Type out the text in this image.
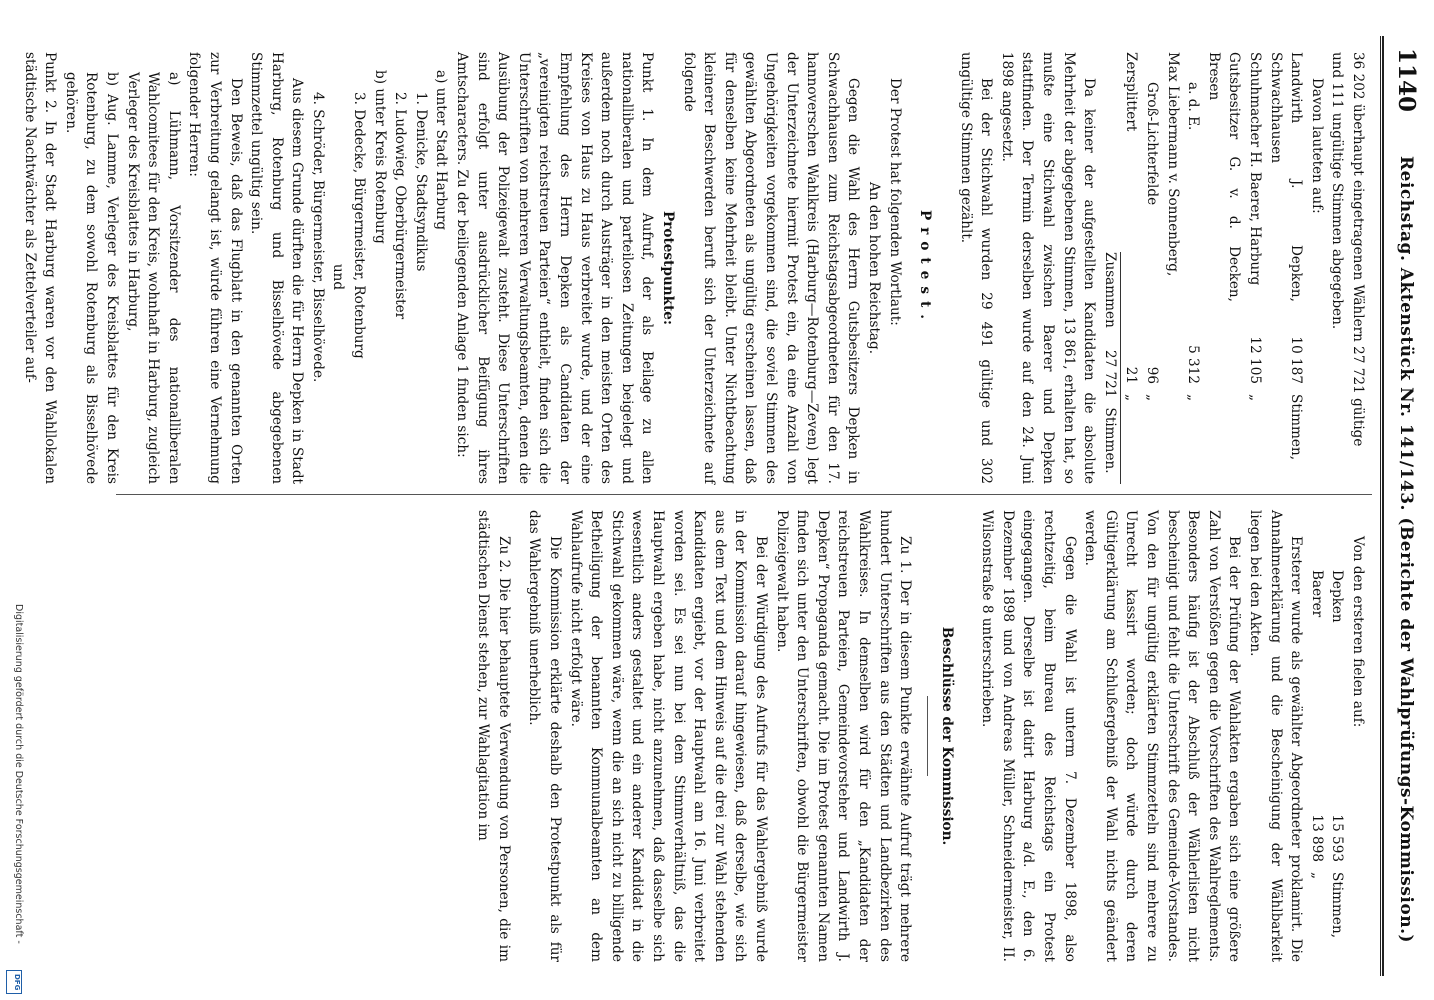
1140
Reichstag. Aktenstück Nr. 141/143. (Berichte der Wahlprüfungs-Kommission.)

36 202 überhaupt eingetragenen Wählern 27 721 gültige

und 111 ungültige Stimmen abgegeben.

Davon lauteten auf:

Landwirth J. Depken, Schwachhausen
10 187
Stimmen,
Schuhmacher H. Baerer, Harburg
12 105
„
Gutsbesitzer G. v. d. Decken, Bresen
a. d. E.
5 312
„
Max Liebermann v. Sonnenberg,
Groß-Lichterfelde
96
„
Zersplittert
21
„
Zusammen
27 721
Stimmen.

Da keiner der aufgestellten Kandidaten die absolute Mehrheit der abgegebenen Stimmen, 13 861, erhalten hat, so mußte eine Stichwahl zwischen Baerer und Depken stattfinden. Der Termin derselben wurde auf den 24. Juni 1898 angesetzt.

Bei der Stichwahl wurden 29 491 gültige und 302 ungültige Stimmen gezählt.

Protest.

Der Protest hat folgenden Wortlaut:

An den hohen Reichstag.

Gegen die Wahl des Herrn Gutsbesitzers Depken in Schwachhausen zum Reichstagsabgeordneten für den 17. hannoverschen Wahlkreis (Harburg—Rotenburg—Zeven) legt der Unterzeichnete hiermit Protest ein, da eine Anzahl von Ungehörigkeiten vorgekommen sind, die soviel Stimmen des gewählten Abgeordneten als ungültig erscheinen lassen, daß für denselben keine Mehrheit bleibt. Unter Nichtbeachtung kleinerer Beschwerden beruft sich der Unterzeichnete auf folgende

Protestpunkte:

Punkt 1. In dem Aufruf, der als Beilage zu allen nationalliberalen und parteilosen Zeitungen beigelegt und außerdem noch durch Austräger in den meisten Orten des Kreises von Haus zu Haus verbreitet wurde, und der eine Empfehlung des Herrn Depken als Candidaten der „vereinigten reichstreuen Parteien“ enthielt, finden sich die Unterschriften von mehreren Verwaltungsbeamten, denen die Ausübung der Polizeigewalt zusteht. Diese Unterschriften sind erfolgt unter ausdrücklicher Beifügung ihres Amtscharacters. Zu der beiliegenden Anlage 1 finden sich:

a) unter Stadt Harburg

1. Denicke, Stadtsyndikus

2. Ludowieg, Oberbürgermeister

b) unter Kreis Rotenburg

3. Dedecke, Bürgermeister, Rotenburg

und

4. Schröder, Bürgermeister, Bisselhövede.

Aus diesem Grunde dürften die für Herrn Depken in Stadt Harburg, Rotenburg und Bisselhövede abgegebenen Stimmzettel ungültig sein.

Den Beweis, daß das Flugblatt in den genannten Orten zur Verbreitung gelangt ist, würde führen eine Vernehmung folgender Herren:

a) Lühmann, Vorsitzender des nationalliberalen Wahlcomitees für den Kreis, wohnhaft in Harburg, zugleich Verleger des Kreisblattes in Harburg,

b) Aug. Lamme, Verleger des Kreisblattes für den Kreis Rotenburg, zu dem sowohl Rotenburg als Bisselhövede gehören.

Punkt 2. In der Stadt Harburg waren vor den Wahllokalen städtische Nachtwächter als Zettelverteiler auf-

Von den ersteren fielen auf:

Depken
15 593
Stimmen,
Baerer
13 898
„

Ersterer wurde als gewählter Abgeordneter proklamirt. Die Annahmeerklärung und die Bescheinigung der Wählbarkeit liegen bei den Akten.

Bei der Prüfung der Wahlakten ergaben sich eine größere Zahl von Verstößen gegen die Vorschriften des Wahlreglements. Besonders häufig ist der Abschluß der Wählerlisten nicht bescheinigt und fehlt die Unterschrift des Gemeinde-Vorstandes. Von den für ungültig erklärten Stimmzetteln sind mehrere zu Unrecht kassirt worden; doch würde durch deren Gültigerklärung am Schlußergebniß der Wahl nichts geändert werden.

Gegen die Wahl ist unterm 7. Dezember 1898, also rechtzeitig, beim Bureau des Reichstags ein Protest eingegangen. Derselbe ist datirt Harburg a/d. E., den 6. Dezember 1898 und von Andreas Müller, Schneidermeister, II. Wilsonstraße 8 unterschrieben.

Beschlüsse der Kommission.

Zu 1. Der in diesem Punkte erwähnte Aufruf trägt mehrere hundert Unterschriften aus den Städten und Landbezirken des Wahlkreises. In demselben wird für den „Kandidaten der reichstreuen Parteien, Gemeindevorsteher und Landwirth J. Depken“ Propaganda gemacht. Die im Protest genannten Namen finden sich unter den Unterschriften, obwohl die Bürgermeister Polizeigewalt haben.

Bei der Würdigung des Aufrufs für das Wahlergebniß wurde in der Kommission darauf hingewiesen, daß derselbe, wie sich aus dem Text und dem Hinweis auf die drei zur Wahl stehenden Kandidaten ergiebt, vor der Hauptwahl am 16. Juni verbreitet worden sei. Es sei nun bei dem Stimmverhältniß, das die Hauptwahl ergeben habe, nicht anzunehmen, daß dasselbe sich wesentlich anders gestaltet und ein anderer Kandidat in die Stichwahl gekommen wäre, wenn die an sich nicht zu billigende Betheiligung der benannten Kommunalbeamten an dem Wahlaufrufe nicht erfolgt wäre.

Die Kommission erklärte deshalb den Protestpunkt als für das Wahlergebniß unerheblich.

Zu 2. Die hier behauptete Verwendung von Personen, die im städtischen Dienst stehen, zur Wahlagitation im

Digitalisierung gefördert durch die Deutsche Forschungsgemeinschaft -
DFG
